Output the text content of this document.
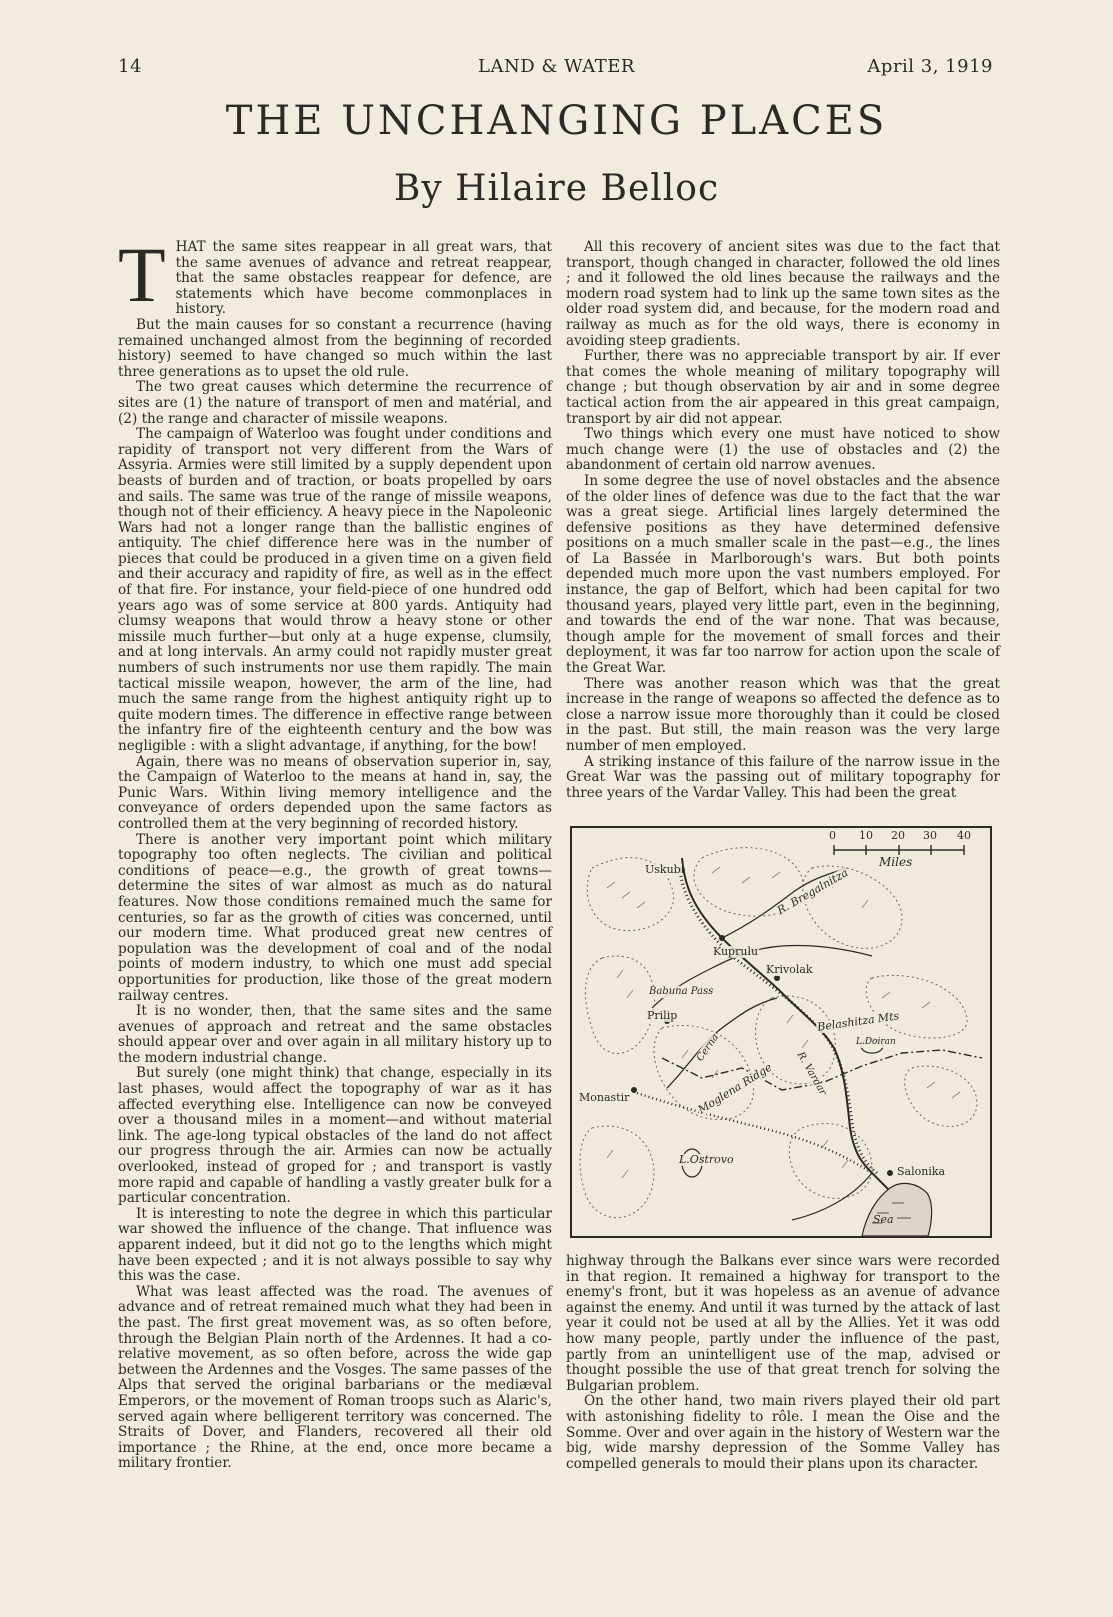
14	LAND & WATER	April 3, 1919
THE UNCHANGING PLACES
By Hilaire Belloc

THAT the same sites reappear in all great wars, that the same avenues of advance and retreat reappear, that the same obstacles reappear for defence, are statements which have become commonplaces in history.

But the main causes for so constant a recurrence (having remained unchanged almost from the beginning of recorded history) seemed to have changed so much within the last three generations as to upset the old rule.

The two great causes which determine the recurrence of sites are (1) the nature of transport of men and matérial, and (2) the range and character of missile weapons.

The campaign of Waterloo was fought under conditions and rapidity of transport not very different from the Wars of Assyria. Armies were still limited by a supply dependent upon beasts of burden and of traction, or boats propelled by oars and sails. The same was true of the range of missile weapons, though not of their efficiency. A heavy piece in the Napoleonic Wars had not a longer range than the ballistic engines of antiquity. The chief difference here was in the number of pieces that could be produced in a given time on a given field and their accuracy and rapidity of fire, as well as in the effect of that fire. For instance, your field-piece of one hundred odd years ago was of some service at 800 yards. Antiquity had clumsy weapons that would throw a heavy stone or other missile much further—but only at a huge expense, clumsily, and at long intervals. An army could not rapidly muster great numbers of such instruments nor use them rapidly. The main tactical missile weapon, however, the arm of the line, had much the same range from the highest antiquity right up to quite modern times. The difference in effective range between the infantry fire of the eighteenth century and the bow was negligible : with a slight advantage, if anything, for the bow!

Again, there was no means of observation superior in, say, the Campaign of Waterloo to the means at hand in, say, the Punic Wars. Within living memory intelligence and the conveyance of orders depended upon the same factors as controlled them at the very beginning of recorded history.

There is another very important point which military topography too often neglects. The civilian and political conditions of peace—e.g., the growth of great towns—determine the sites of war almost as much as do natural features. Now those conditions remained much the same for centuries, so far as the growth of cities was concerned, until our modern time. What produced great new centres of population was the development of coal and of the nodal points of modern industry, to which one must add special opportunities for production, like those of the great modern railway centres.

It is no wonder, then, that the same sites and the same avenues of approach and retreat and the same obstacles should appear over and over again in all military history up to the modern industrial change.

But surely (one might think) that change, especially in its last phases, would affect the topography of war as it has affected everything else. Intelligence can now be conveyed over a thousand miles in a moment—and without material link. The age-long typical obstacles of the land do not affect our progress through the air. Armies can now be actually overlooked, instead of groped for ; and transport is vastly more rapid and capable of handling a vastly greater bulk for a particular concentration.

It is interesting to note the degree in which this particular war showed the influence of the change. That influence was apparent indeed, but it did not go to the lengths which might have been expected ; and it is not always possible to say why this was the case.

What was least affected was the road. The avenues of advance and of retreat remained much what they had been in the past. The first great movement was, as so often before, through the Belgian Plain north of the Ardennes. It had a co-relative movement, as so often before, across the wide gap between the Ardennes and the Vosges. The same passes of the Alps that served the original barbarians or the mediæval Emperors, or the movement of Roman troops such as Alaric's, served again where belligerent territory was concerned. The Straits of Dover, and Flanders, recovered all their old importance ; the Rhine, at the end, once more became a military frontier.

All this recovery of ancient sites was due to the fact that transport, though changed in character, followed the old lines ; and it followed the old lines because the railways and the modern road system had to link up the same town sites as the older road system did, and because, for the modern road and railway as much as for the old ways, there is economy in avoiding steep gradients.

Further, there was no appreciable transport by air. If ever that comes the whole meaning of military topography will change ; but though observation by air and in some degree tactical action from the air appeared in this great campaign, transport by air did not appear.

Two things which every one must have noticed to show much change were (1) the use of obstacles and (2) the abandonment of certain old narrow avenues.

In some degree the use of novel obstacles and the absence of the older lines of defence was due to the fact that the war was a great siege. Artificial lines largely determined the defensive positions as they have determined defensive positions on a much smaller scale in the past—e.g., the lines of La Bassée in Marlborough's wars. But both points depended much more upon the vast numbers employed. For instance, the gap of Belfort, which had been capital for two thousand years, played very little part, even in the beginning, and towards the end of the war none. That was because, though ample for the movement of small forces and their deployment, it was far too narrow for action upon the scale of the Great War.

There was another reason which was that the great increase in the range of weapons so affected the defence as to close a narrow issue more thoroughly than it could be closed in the past. But still, the main reason was the very large number of men employed.

A striking instance of this failure of the narrow issue in the Great War was the passing out of military topography for three years of the Vardar Valley. This had been the great

0 10 20 30 40
Miles
Uskub	R. Bregalnitza
Kuprulu
Krivolak
Babuna Pass
Prilip	Belashitza Mts
R. Vardar
L.Doiran
Cerna
Moglena Ridge
Monastir
L.Ostrovo
Salonika
Sea

highway through the Balkans ever since wars were recorded in that region. It remained a highway for transport to the enemy's front, but it was hopeless as an avenue of advance against the enemy. And until it was turned by the attack of last year it could not be used at all by the Allies. Yet it was odd how many people, partly under the influence of the past, partly from an unintelligent use of the map, advised or thought possible the use of that great trench for solving the Bulgarian problem.

On the other hand, two main rivers played their old part with astonishing fidelity to rôle. I mean the Oise and the Somme. Over and over again in the history of Western war the big, wide marshy depression of the Somme Valley has compelled generals to mould their plans upon its character.
